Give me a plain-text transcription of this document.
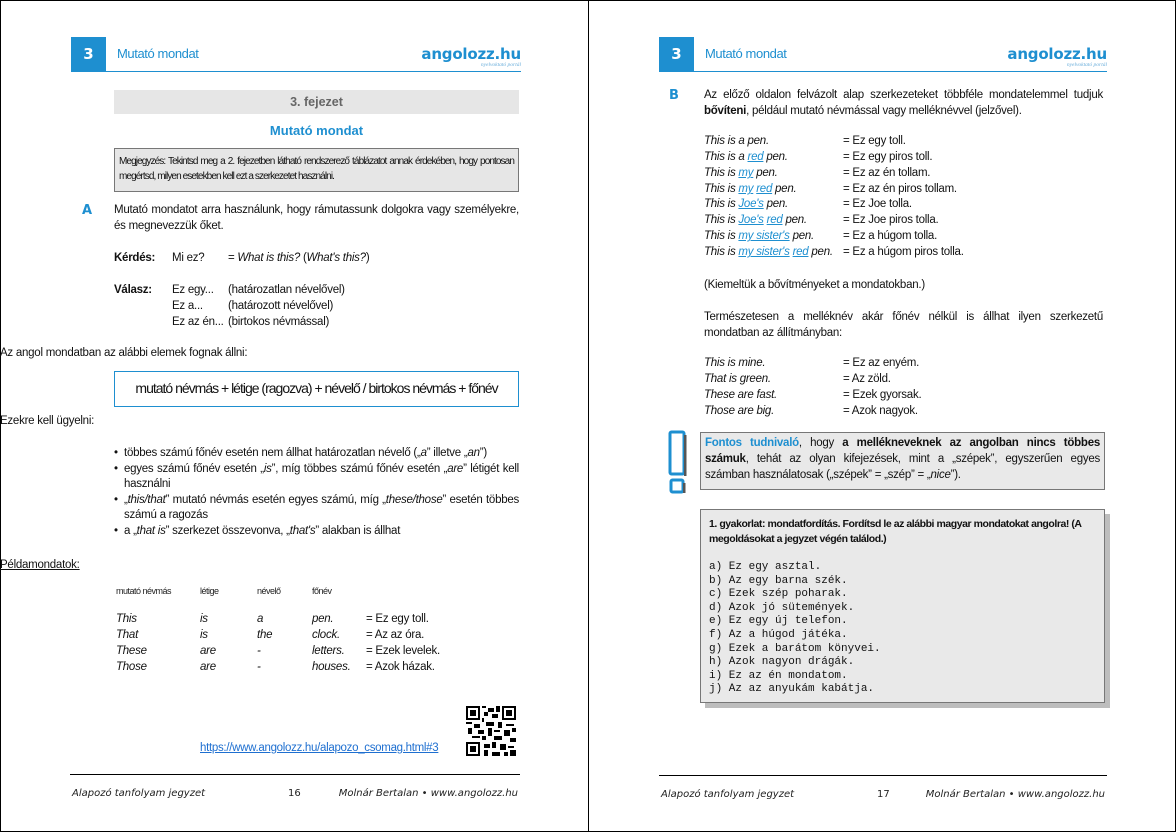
3	Mutató mondat	angolozz.hu
nyelvoktató portál
3. fejezet
Mutató mondat
Megjegyzés: Tekintsd meg a 2. fejezetben látható rendszerező táblázatot annak érdekében, hogy pontosan megértsd, milyen esetekben kell ezt a szerkezetet használni.
A Mutató mondatot arra használunk, hogy rámutassunk dolgokra vagy személyekre, és megnevezzük őket.
Kérdés: Mi ez? = What is this? (What's this?)
Válasz: Ez egy... (határozatlan névelővel)
Ez a... (határozott névelővel)
Ez az én... (birtokos névmással)
Az angol mondatban az alábbi elemek fognak állni:
mutató névmás + létige (ragozva) + névelő / birtokos névmás + főnév
Ezekre kell ügyelni:
• többes számú főnév esetén nem állhat határozatlan névelő („a” illetve „an”)
• egyes számú főnév esetén „is”, míg többes számú főnév esetén „are” létigét kell használni
• „this/that” mutató névmás esetén egyes számú, míg „these/those” esetén többes számú a ragozás
• a „that is” szerkezet összevonva, „that's” alakban is állhat
Példamondatok:
mutató névmás	létige	névelő	főnév
This	is	a	pen.	= Ez egy toll.
That	is	the	clock. = Az az óra.
These	are	-	letters. = Ezek levelek.
Those	are	-	houses. = Azok házak.
https://www.angolozz.hu/alapozo_csomag.html#3
Alapozó tanfolyam jegyzet	16	Molnár Bertalan • www.angolozz.hu
3	Mutató mondat	angolozz.hu
nyelvoktató portál
Alapozó tanfolyam jegyzet	17	Molnár Bertalan • www.angolozz.hu
B Az előző oldalon felvázolt alap szerkezeteket többféle mondatelemmel tudjuk bővíteni, például mutató névmással vagy melléknévvel (jelzővel).
This is a pen.	= Ez egy toll.
This is a red pen.	= Ez egy piros toll.
This is my pen.	= Ez az én tollam.
This is my red pen.	= Ez az én piros tollam.
This is Joe's pen.	= Ez Joe tolla.
This is Joe's red pen.	= Ez Joe piros tolla.
This is my sister's pen.	= Ez a húgom tolla.
This is my sister's red pen. = Ez a húgom piros tolla.
(Kiemeltük a bővítményeket a mondatokban.)
Természetesen a melléknév akár főnév nélkül is állhat ilyen szerkezetű mondatban az állítmányban:
This is mine.	= Ez az enyém.
That is green.	= Az zöld.
These are fast.	= Ezek gyorsak.
Those are big.	= Azok nagyok.
Fontos tudnivaló, hogy a mellékneveknek az angolban nincs többes számuk, tehát az olyan kifejezések, mint a „szépek”, egyszerűen egyes számban használatosak („szépek” = „szép” = „nice”).
1. gyakorlat: mondatfordítás. Fordítsd le az alábbi magyar mondatokat angolra! (A megoldásokat a jegyzet végén találod.)
a) Ez egy asztal.
b) Az egy barna szék.
c) Ezek szép poharak.
d) Azok jó sütemények.
e) Ez egy új telefon.
f) Az a húgod játéka.
g) Ezek a barátom könyvei.
h) Azok nagyon drágák.
i) Ez az én mondatom.
j) Az az anyukám kabátja.
